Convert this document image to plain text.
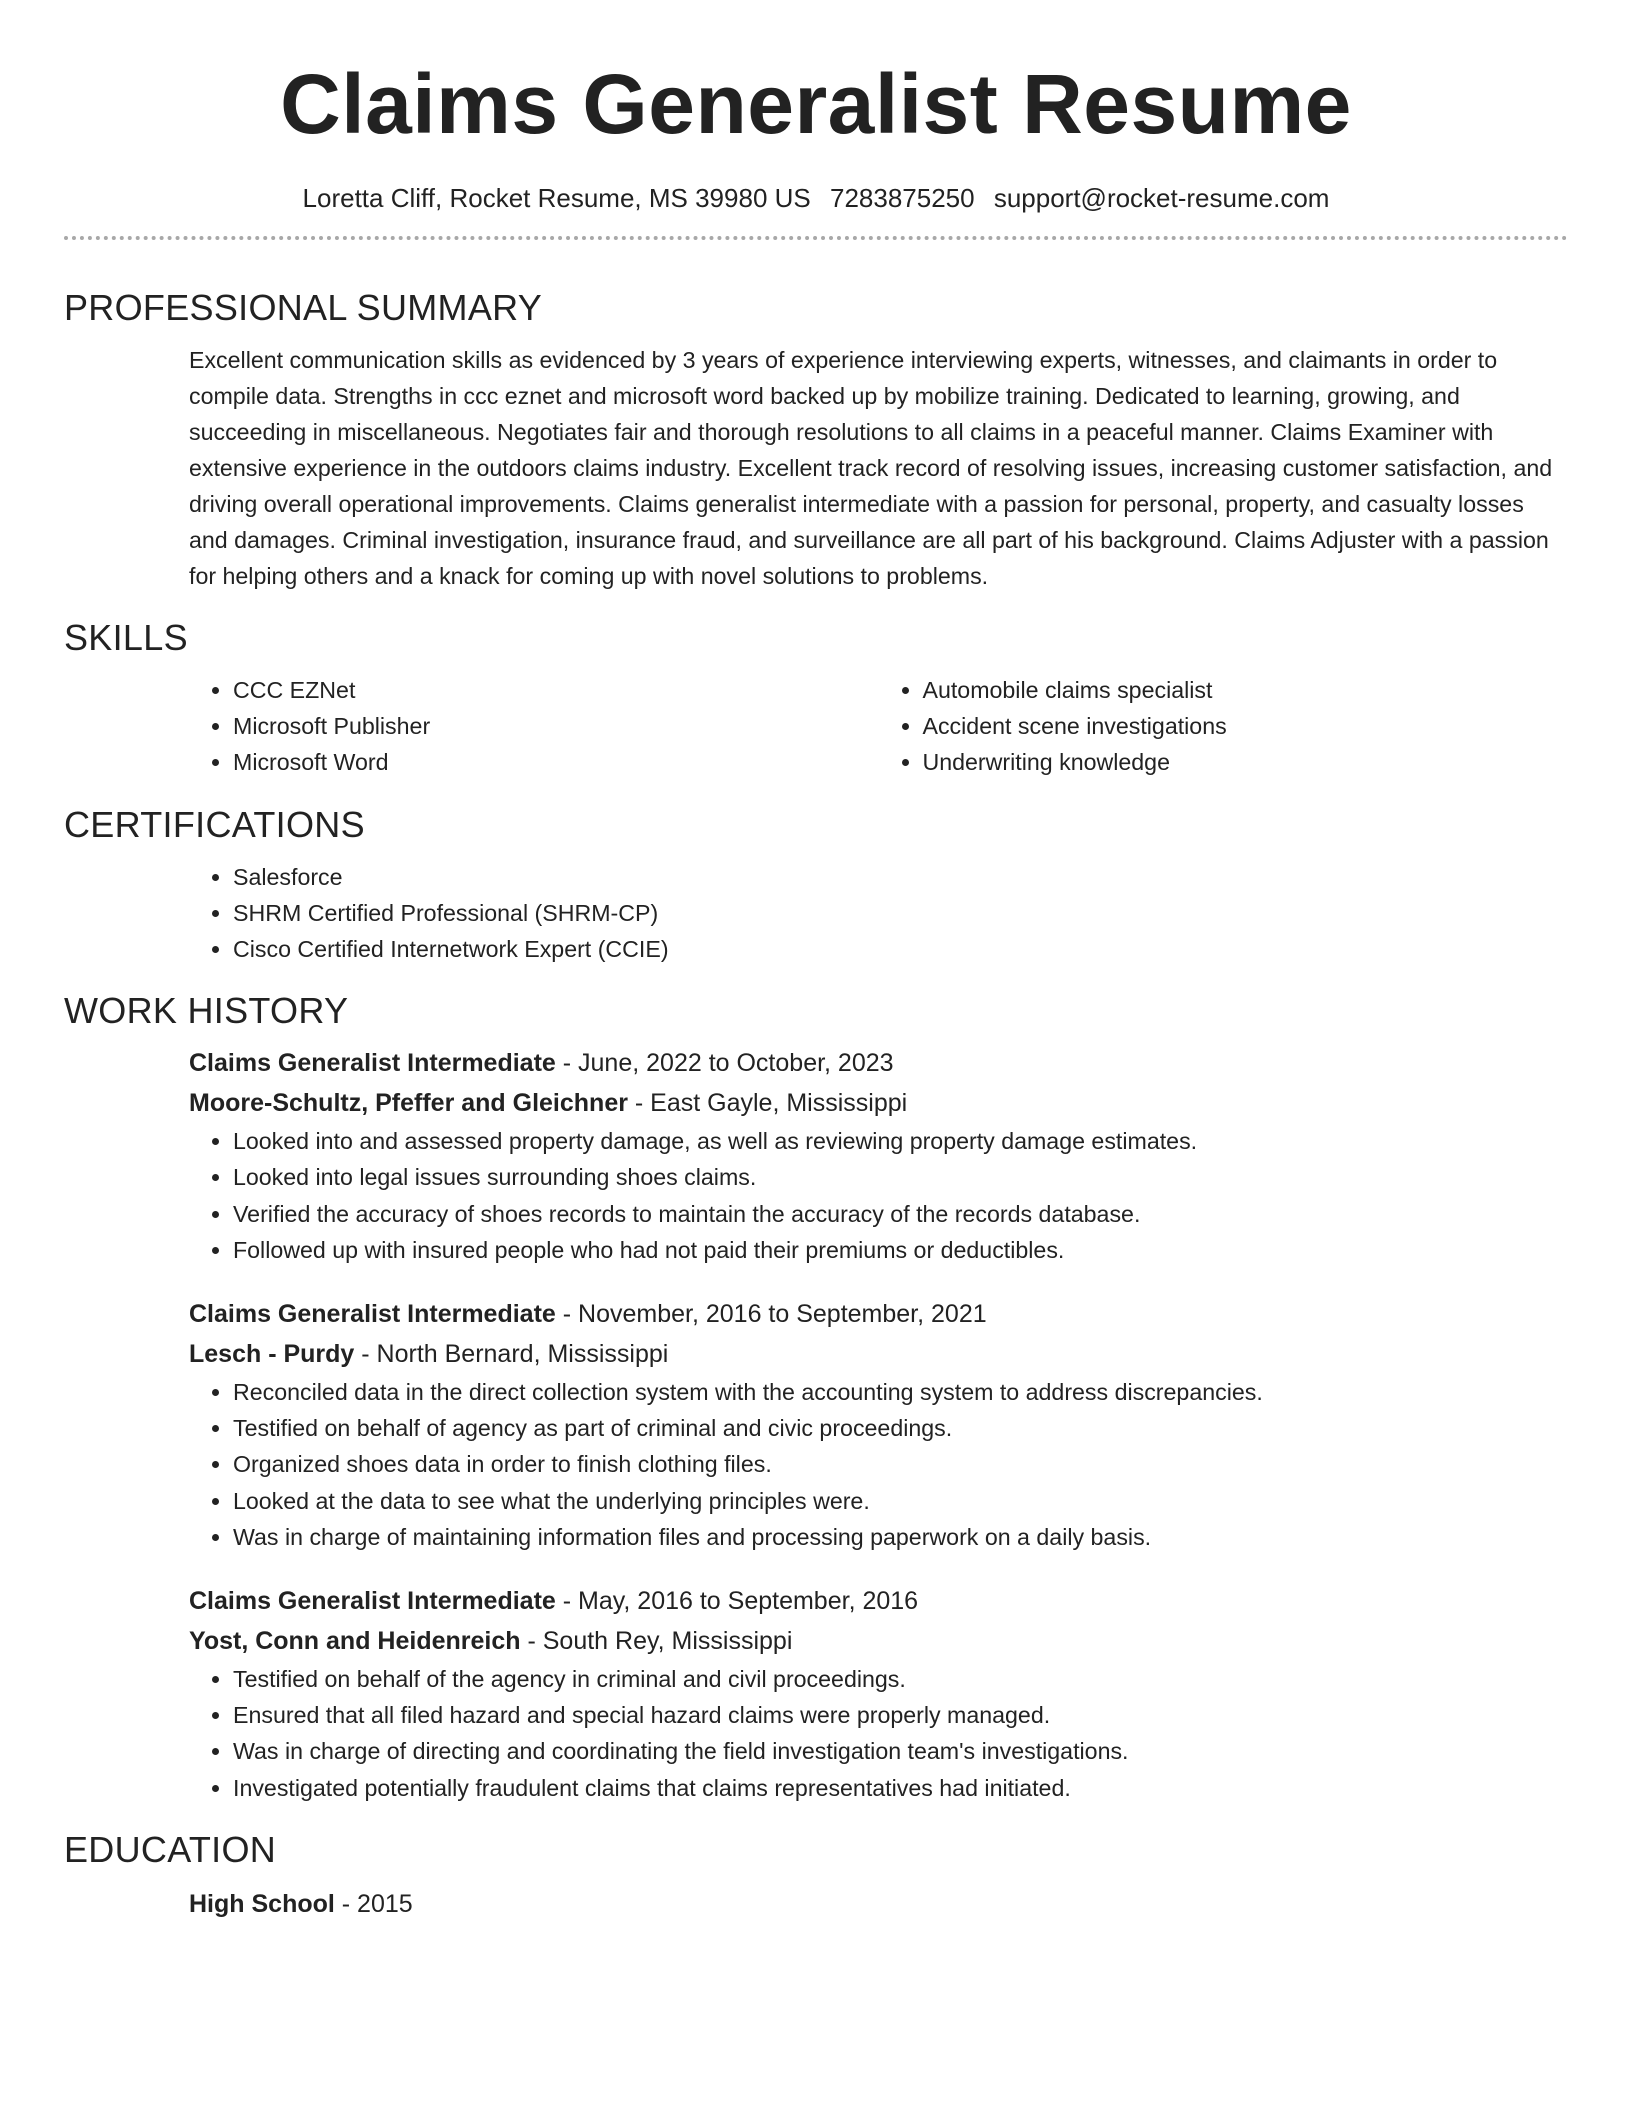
Claims Generalist Resume
Loretta Cliff, Rocket Resume, MS 39980 US 7283875250 support@rocket-resume.com
PROFESSIONAL SUMMARY

Excellent communication skills as evidenced by 3 years of experience interviewing experts, witnesses, and claimants in order to compile data. Strengths in ccc eznet and microsoft word backed up by mobilize training. Dedicated to learning, growing, and succeeding in miscellaneous. Negotiates fair and thorough resolutions to all claims in a peaceful manner. Claims Examiner with extensive experience in the outdoors claims industry. Excellent track record of resolving issues, increasing customer satisfaction, and driving overall operational improvements. Claims generalist intermediate with a passion for personal, property, and casualty losses and damages. Criminal investigation, insurance fraud, and surveillance are all part of his background. Claims Adjuster with a passion for helping others and a knack for coming up with novel solutions to problems.

SKILLS
• CCC EZNet
• Microsoft Publisher
• Microsoft Word
• Automobile claims specialist
• Accident scene investigations
• Underwriting knowledge
CERTIFICATIONS
• Salesforce
• SHRM Certified Professional (SHRM-CP)
• Cisco Certified Internetwork Expert (CCIE)
WORK HISTORY
Claims Generalist Intermediate - June, 2022 to October, 2023
Moore-Schultz, Pfeffer and Gleichner - East Gayle, Mississippi
• Looked into and assessed property damage, as well as reviewing property damage estimates.
• Looked into legal issues surrounding shoes claims.
• Verified the accuracy of shoes records to maintain the accuracy of the records database.
• Followed up with insured people who had not paid their premiums or deductibles.
Claims Generalist Intermediate - November, 2016 to September, 2021
Lesch - Purdy - North Bernard, Mississippi
• Reconciled data in the direct collection system with the accounting system to address discrepancies.
• Testified on behalf of agency as part of criminal and civic proceedings.
• Organized shoes data in order to finish clothing files.
• Looked at the data to see what the underlying principles were.
• Was in charge of maintaining information files and processing paperwork on a daily basis.
Claims Generalist Intermediate - May, 2016 to September, 2016
Yost, Conn and Heidenreich - South Rey, Mississippi
• Testified on behalf of the agency in criminal and civil proceedings.
• Ensured that all filed hazard and special hazard claims were properly managed.
• Was in charge of directing and coordinating the field investigation team's investigations.
• Investigated potentially fraudulent claims that claims representatives had initiated.
EDUCATION
High School - 2015
